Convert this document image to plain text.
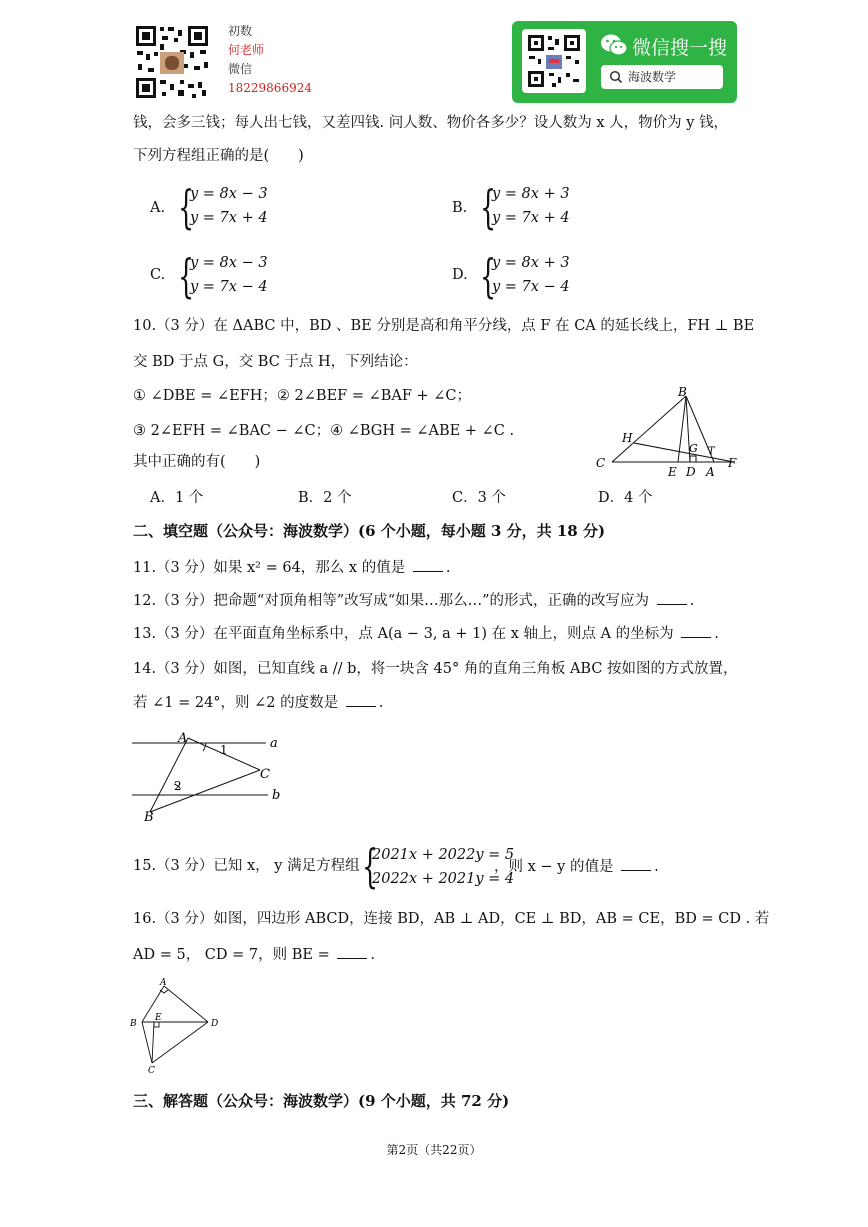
初数
何老师
微信
18229866924
微信搜一搜
海波数学
钱，会多三钱；每人出七钱，又差四钱. 问人数、物价各多少？设人数为 x 人，物价为 y 钱，
下列方程组正确的是(　　)
A. {
y = 8x − 3
y = 7x + 4
B. {
y = 8x + 3
y = 7x + 4
C. {
y = 8x − 3
y = 7x − 4
D. {
y = 8x + 3
y = 7x − 4
10.（3 分）在 ΔABC 中，BD 、BE 分别是高和角平分线，点 F 在 CA 的延长线上，FH ⊥ BE
交 BD 于点 G，交 BC 于点 H，下列结论：
① ∠DBE = ∠EFH；② 2∠BEF = ∠BAF + ∠C；
③ 2∠EFH = ∠BAC − ∠C；④ ∠BGH = ∠ABE + ∠C .
其中正确的有(　　)
B
H
G T
C
E D A
F
A．1 个	B．2 个	C．3 个	D．4 个
二、填空题（公众号：海波数学）(6 个小题，每小题 3 分，共 18 分)
11.（3 分）如果 x² = 64，那么 x 的值是	.
12.（3 分）把命题“对顶角相等”改写成“如果…那么…”的形式，正确的改写应为	.
13.（3 分）在平面直角坐标系中，点 A(a − 3, a + 1) 在 x 轴上，则点 A 的坐标为	.
14.（3 分）如图，已知直线 a // b，将一块含 45° 角的直角三角板 ABC 按如图的方式放置，
若 ∠1 = 24°，则 ∠2 的度数是	.
A
1	a
C
2
b
B
15.（3 分）已知 x， y 满足方程组 {
2021x + 2022y = 5
2022x + 2021y = 4
，则 x − y 的值是	.
16.（3 分）如图，四边形 ABCD，连接 BD，AB ⊥ AD，CE ⊥ BD，AB = CE，BD = CD . 若
AD = 5， CD = 7，则 BE =	.
A
B
E
D
C
三、解答题（公众号：海波数学）(9 个小题，共 72 分)
第2页（共22页）
